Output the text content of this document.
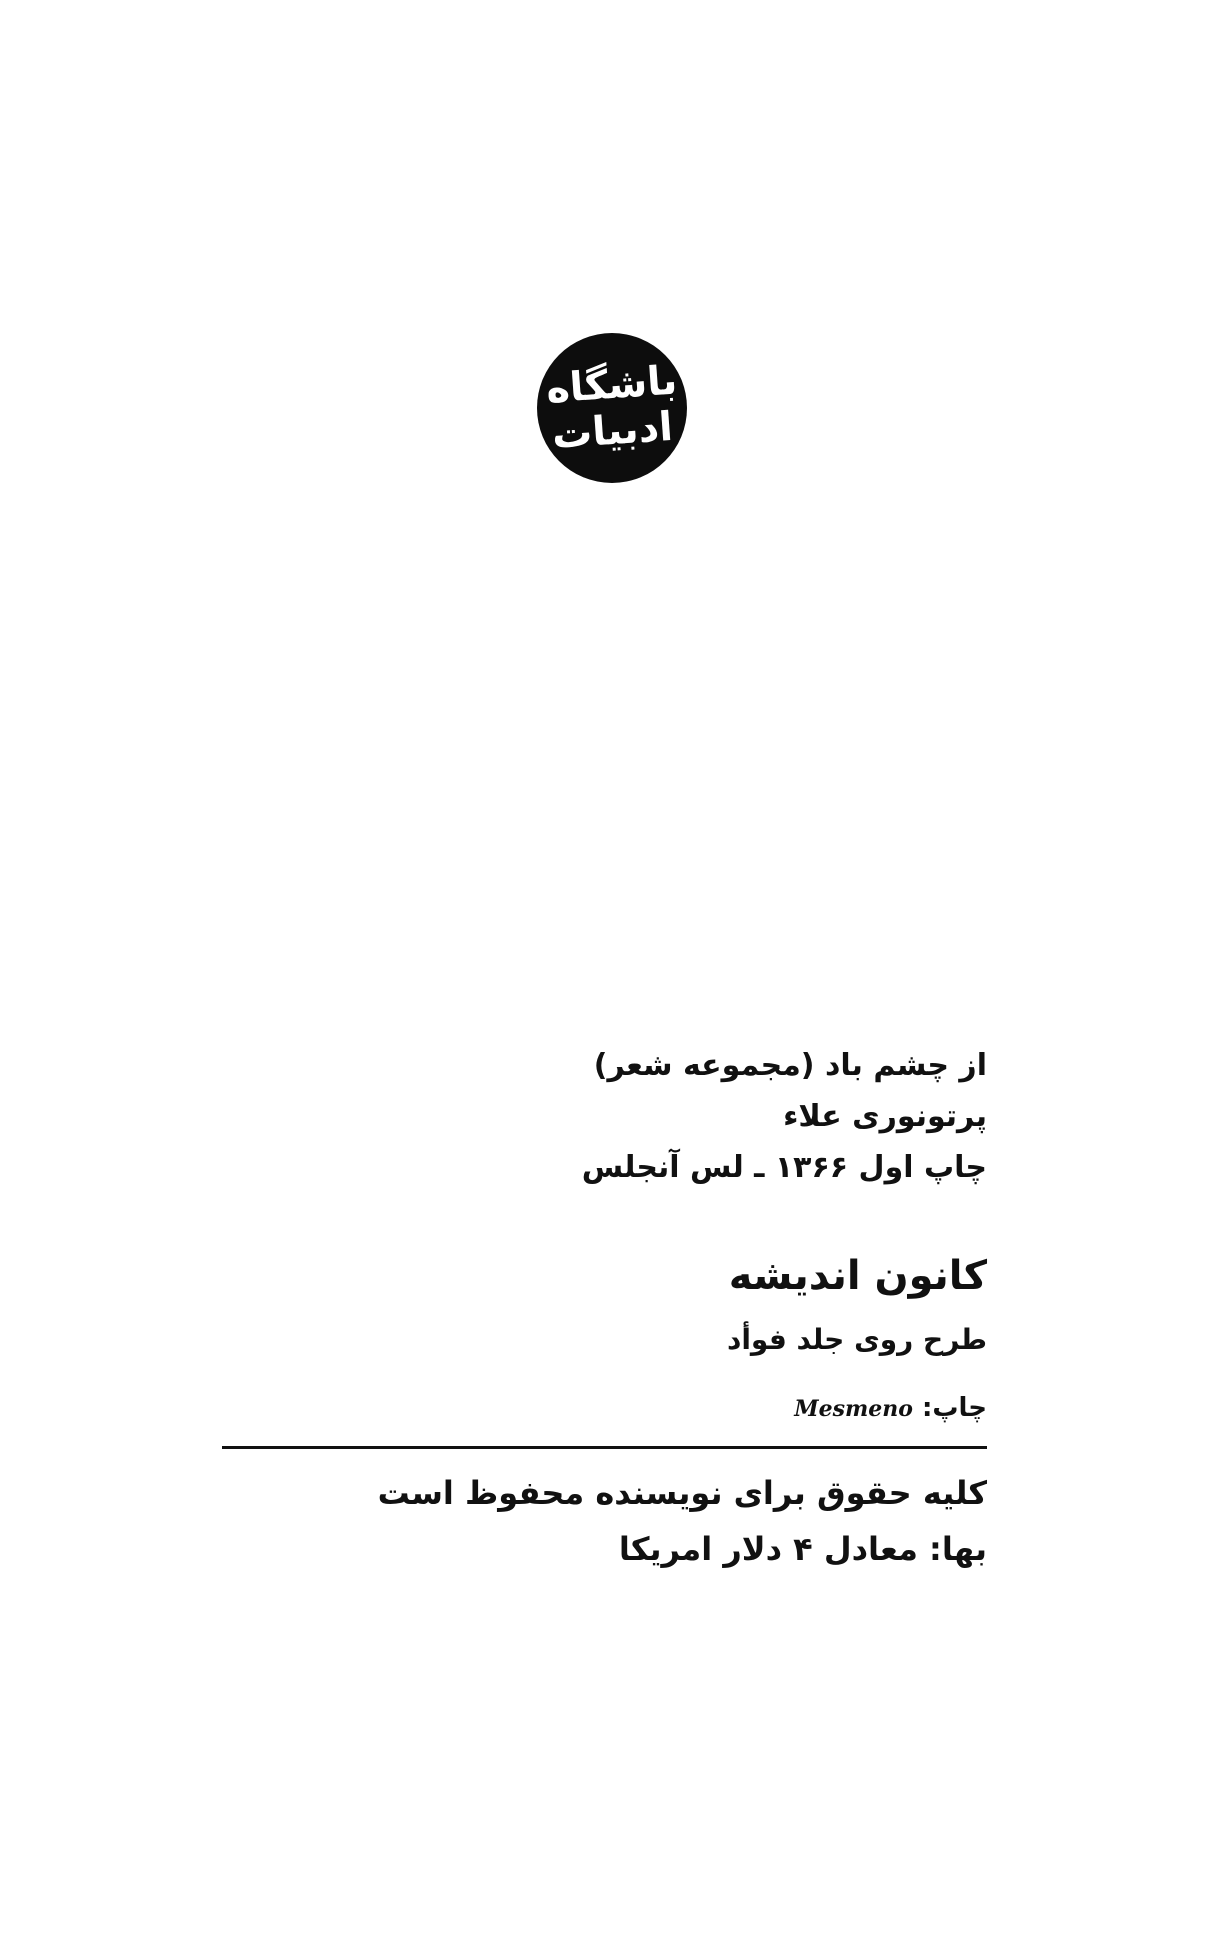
باشگاه
ادبیات
از چشم باد (مجموعه شعر)
پرتونوری علاء
چاپ اول ۱۳۶۶ ـ لس آنجلس
کانون اندیشه
طرح روی جلد فوأد
چاپ: Mesmeno
کلیه حقوق برای نویسنده محفوظ است
بها: معادل ۴ دلار امریکا
